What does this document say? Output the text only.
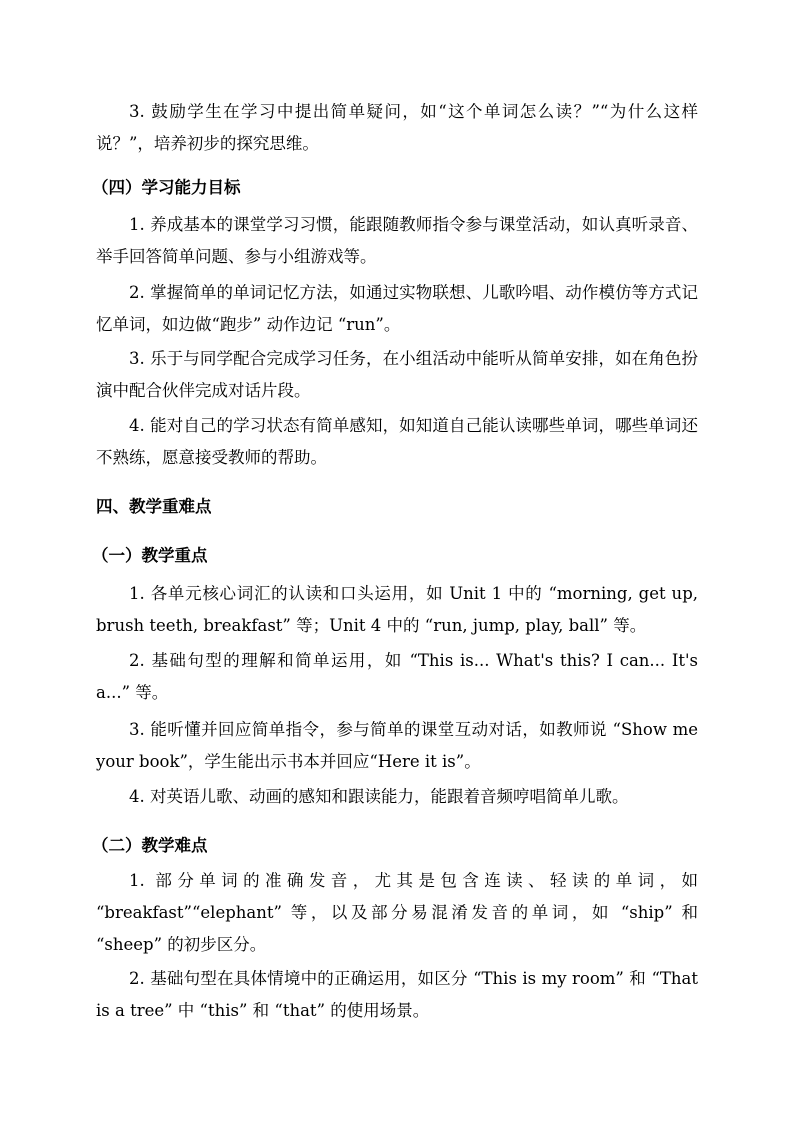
3. 鼓励学生在学习中提出简单疑问，如“这个单词怎么读？”“为什么这样说？”，培养初步的探究思维。

（四）学习能力目标

1. 养成基本的课堂学习习惯，能跟随教师指令参与课堂活动，如认真听录音、举手回答简单问题、参与小组游戏等。

2. 掌握简单的单词记忆方法，如通过实物联想、儿歌吟唱、动作模仿等方式记忆单词，如边做“跑步” 动作边记 “run”。

3. 乐于与同学配合完成学习任务，在小组活动中能听从简单安排，如在角色扮演中配合伙伴完成对话片段。

4. 能对自己的学习状态有简单感知，如知道自己能认读哪些单词，哪些单词还不熟练，愿意接受教师的帮助。

四、教学重难点

（一）教学重点

1. 各单元核心词汇的认读和口头运用，如 Unit 1 中的 “morning, get up, brush teeth, breakfast” 等；Unit 4 中的 “run, jump, play, ball” 等。

2. 基础句型的理解和简单运用，如 “This is... What's this? I can... It's a...” 等。

3. 能听懂并回应简单指令，参与简单的课堂互动对话，如教师说 “Show me your book”，学生能出示书本并回应“Here it is”。

4. 对英语儿歌、动画的感知和跟读能力，能跟着音频哼唱简单儿歌。

（二）教学难点

1. 部分单词的准确发音，尤其是包含连读、轻读的单词，如 “breakfast”“elephant” 等，以及部分易混淆发音的单词，如 “ship” 和 “sheep” 的初步区分。

2. 基础句型在具体情境中的正确运用，如区分 “This is my room” 和 “That is a tree” 中 “this” 和 “that” 的使用场景。
